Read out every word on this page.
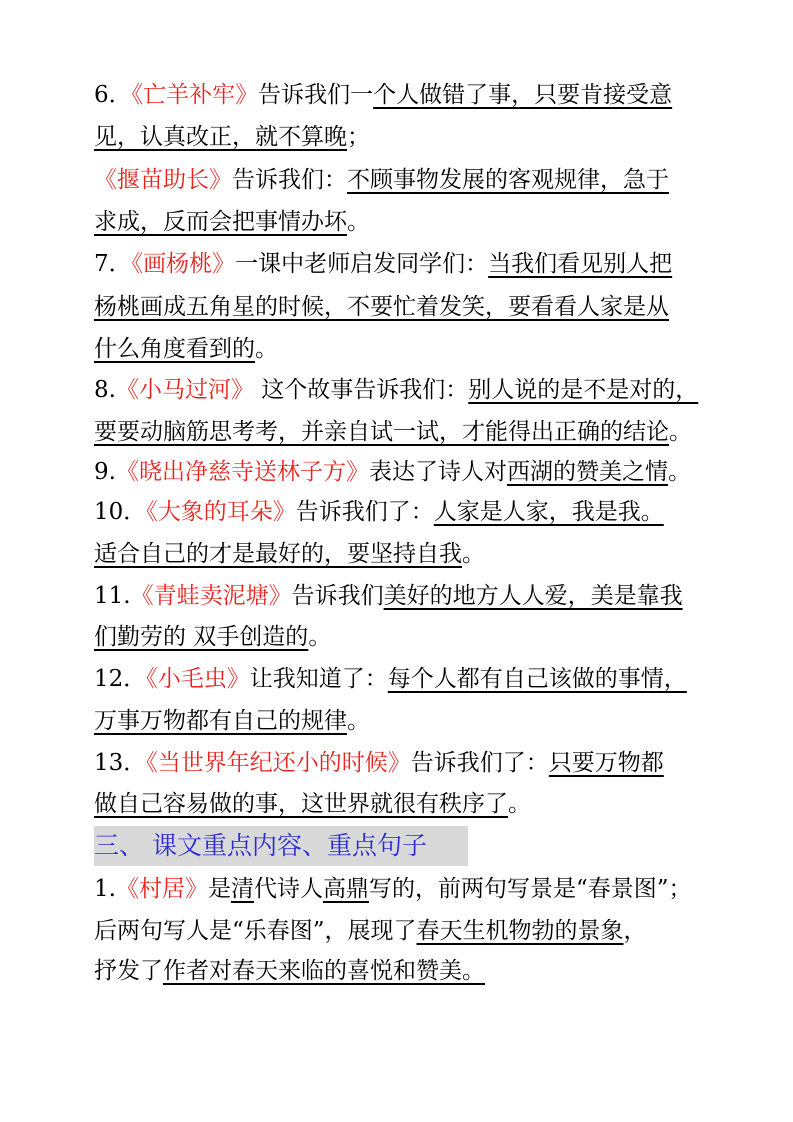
6．《亡羊补牢》告诉我们一个人做错了事，只要肯接受意
见，认真改正，就不算晚；
《揠苗助长》告诉我们：不顾事物发展的客观规律，急于
求成，反而会把事情办坏。
7．《画杨桃》一课中老师启发同学们：当我们看见别人把
杨桃画成五角星的时候，不要忙着发笑，要看看人家是从
什么角度看到的。
8.《小马过河》 这个故事告诉我们：别人说的是不是对的，
要要动脑筋思考考，并亲自试一试，才能得出正确的结论。
9.《晓出净慈寺送林子方》表达了诗人对西湖的赞美之情。
10．《大象的耳朵》告诉我们了：人家是人家，我是我。
适合自己的才是最好的，要坚持自我。
11.《青蛙卖泥塘》告诉我们美好的地方人人爱，美是靠我
们勤劳的 双手创造的。
12．《小毛虫》让我知道了：每个人都有自己该做的事情，
万事万物都有自己的规律。
13．《当世界年纪还小的时候》告诉我们了：只要万物都
做自己容易做的事，这世界就很有秩序了。
三、 课文重点内容、重点句子
1.《村居》是清代诗人高鼎写的，前两句写景是“春景图”；
后两句写人是“乐春图”，展现了春天生机物勃的景象，
抒发了作者对春天来临的喜悦和赞美。
